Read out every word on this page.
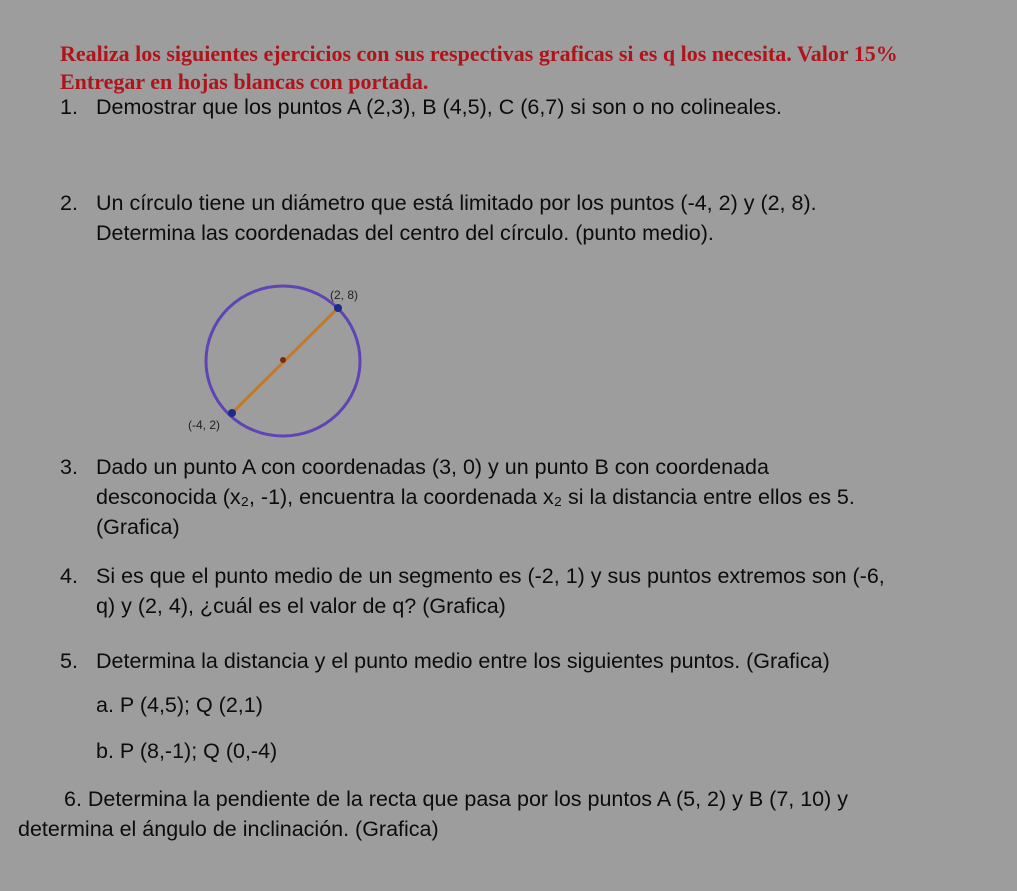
Realiza los siguientes ejercicios con sus respectivas graficas si es q los necesita. Valor 15%
Entregar en hojas blancas con portada.
1. Demostrar que los puntos A (2,3), B (4,5), C (6,7) si son o no colineales.
2. Un círculo tiene un diámetro que está limitado por los puntos (-4, 2) y (2, 8).
Determina las coordenadas del centro del círculo. (punto medio).
(2, 8)
(-4, 2)
3. Dado un punto A con coordenadas (3, 0) y un punto B con coordenada
desconocida (x₂, -1), encuentra la coordenada x₂ si la distancia entre ellos es 5.
(Grafica)
4. Si es que el punto medio de un segmento es (-2, 1) y sus puntos extremos son (-6,
q) y (2, 4), ¿cuál es el valor de q? (Grafica)
5. Determina la distancia y el punto medio entre los siguientes puntos. (Grafica)
a. P (4,5); Q (2,1)
b. P (8,-1); Q (0,-4)
6. Determina la pendiente de la recta que pasa por los puntos A (5, 2) y B (7, 10) y
determina el ángulo de inclinación. (Grafica)
